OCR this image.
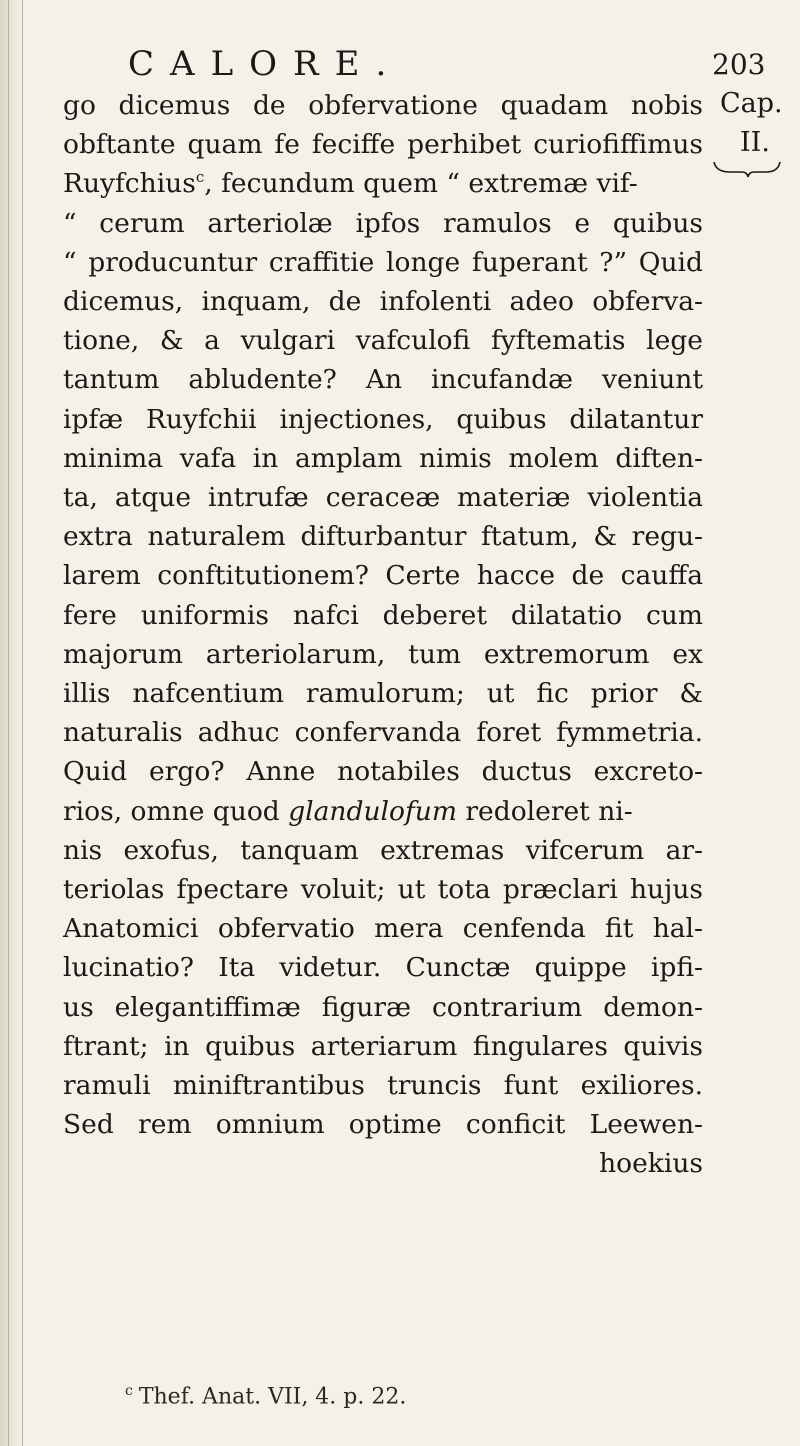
CALORE.	203
Cap.
II.
go dicemus de obfervatione quadam nobis
obftante quam fe feciffe perhibet curiofiffimus
Ruyfchius$^c$, fecundum quem “ extremæ vif-
“ cerum arteriolæ ipfos ramulos e quibus
“ producuntur craffitie longe fuperant ?” Quid
dicemus, inquam, de infolenti adeo obferva-
tione, & a vulgari vafculofi fyftematis lege
tantum abludente? An incufandæ veniunt
ipfæ Ruyfchii injectiones, quibus dilatantur
minima vafa in amplam nimis molem diften-
ta, atque intrufæ ceraceæ materiæ violentia
extra naturalem difturbantur ftatum, & regu-
larem conftitutionem? Certe hacce de cauffa
fere uniformis nafci deberet dilatatio cum
majorum arteriolarum, tum extremorum ex
illis nafcentium ramulorum; ut fic prior &
naturalis adhuc confervanda foret fymmetria.
Quid ergo? Anne notabiles ductus excreto-
rios, omne quod glandulofum redoleret ni-
nis exofus, tanquam extremas vifcerum ar-
teriolas fpectare voluit; ut tota præclari hujus
Anatomici obfervatio mera cenfenda fit hal-
lucinatio? Ita videtur. Cunctæ quippe ipfi-
us elegantiffimæ figuræ contrarium demon-
ftrant; in quibus arteriarum fingulares quivis
ramuli miniftrantibus truncis funt exiliores.
Sed rem omnium optime conficit Leewen-
hoekius
$^c$ Thef. Anat. VII, 4. p. 22.
